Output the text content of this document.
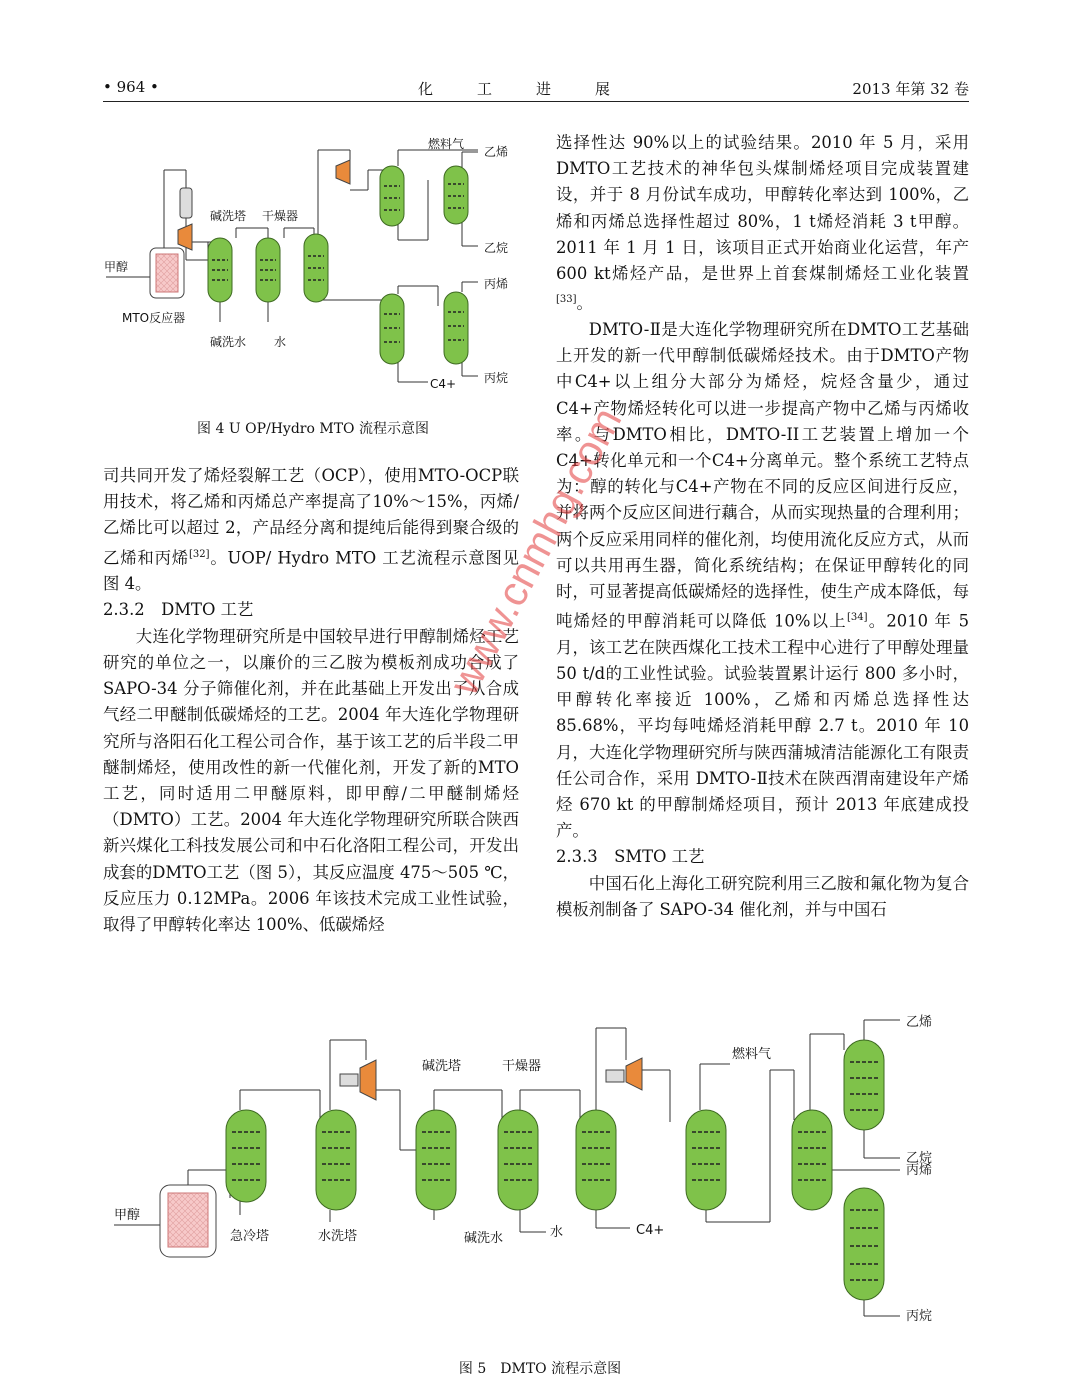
• 964 •	化工进展	2013 年第 32 卷
甲醇
MTO反应器
碱洗塔 干燥器
碱洗水 水
燃料气
乙烯
乙烷
丙烯
丙烷
C4+
图 4 U OP/Hydro MTO 流程示意图

司共同开发了烯烃裂解工艺（OCP），使用MTO-OCP联用技术，将乙烯和丙烯总产率提高了10%～15%，丙烯/乙烯比可以超过 2，产品经分离和提纯后能得到聚合级的乙烯和丙烯[32]。UOP/ Hydro MTO 工艺流程示意图见图 4。

2.3.2　DMTO 工艺

大连化学物理研究所是中国较早进行甲醇制烯烃工艺研究的单位之一，以廉价的三乙胺为模板剂成功合成了SAPO-34 分子筛催化剂，并在此基础上开发出了从合成气经二甲醚制低碳烯烃的工艺。2004 年大连化学物理研究所与洛阳石化工程公司合作，基于该工艺的后半段二甲醚制烯烃，使用改性的新一代催化剂，开发了新的MTO工艺，同时适用二甲醚原料，即甲醇/二甲醚制烯烃（DMTO）工艺。2004 年大连化学物理研究所联合陕西新兴煤化工科技发展公司和中石化洛阳工程公司，开发出成套的DMTO工艺（图 5），其反应温度 475～505 ℃，反应压力 0.12MPa。2006 年该技术完成工业性试验，取得了甲醇转化率达 100%、低碳烯烃

选择性达 90%以上的试验结果。2010 年 5 月，采用DMTO工艺技术的神华包头煤制烯烃项目完成装置建设，并于 8 月份试车成功，甲醇转化率达到 100%，乙烯和丙烯总选择性超过 80%，1 t烯烃消耗 3 t甲醇。2011 年 1 月 1 日，该项目正式开始商业化运营，年产 600 kt烯烃产品，是世界上首套煤制烯烃工业化装置[33]。

DMTO-Ⅱ是大连化学物理研究所在DMTO工艺基础上开发的新一代甲醇制低碳烯烃技术。由于DMTO产物中C4+以上组分大部分为烯烃，烷烃含量少，通过C4+产物烯烃转化可以进一步提高产物中乙烯与丙烯收率。与DMTO相比，DMTO-II工艺装置上增加一个C4+转化单元和一个C4+分离单元。整个系统工艺特点为：醇的转化与C4+产物在不同的反应区间进行反应，并将两个反应区间进行藕合，从而实现热量的合理利用；两个反应采用同样的催化剂，均使用流化反应方式，从而可以共用再生器，简化系统结构；在保证甲醇转化的同时，可显著提高低碳烯烃的选择性，使生产成本降低，每吨烯烃的甲醇消耗可以降低 10%以上[34]。2010 年 5 月，该工艺在陕西煤化工技术工程中心进行了甲醇处理量 50 t/d的工业性试验。试验装置累计运行 800 多小时，甲醇转化率接近 100%，乙烯和丙烯总选择性达 85.68%，平均每吨烯烃消耗甲醇 2.7 t。2010 年 10 月，大连化学物理研究所与陕西蒲城清洁能源化工有限责任公司合作，采用 DMTO-Ⅱ技术在陕西渭南建设年产烯烃 670 kt 的甲醇制烯烃项目，预计 2013 年底建成投产。

2.3.3　SMTO 工艺

中国石化上海化工研究院利用三乙胺和氟化物为复合模板剂制备了 SAPO-34 催化剂，并与中国石

甲醇
急冷塔	水洗塔
碱洗塔	干燥器
碱洗水	水	C4+
燃料气
乙烯
乙烷
丙烯
丙烷
图 5　DMTO 流程示意图
www.cnmhg.com
